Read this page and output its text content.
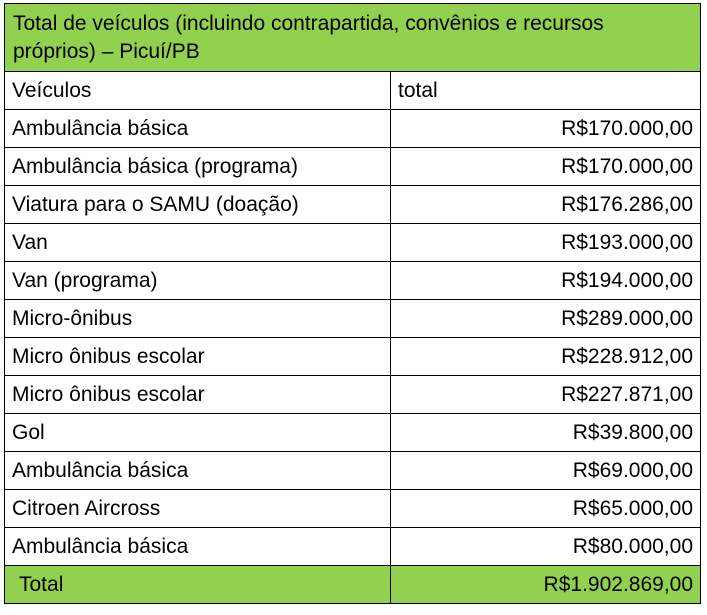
Total de veículos (incluindo contrapartida, convênios e recursos próprios) – Picuí/PB	
Veículos	total
Ambulância básica	R$170.000,00
Ambulância básica (programa)	R$170.000,00
Viatura para o SAMU (doação)	R$176.286,00
Van	R$193.000,00
Van (programa)	R$194.000,00
Micro-ônibus	R$289.000,00
Micro ônibus escolar	R$228.912,00
Micro ônibus escolar	R$227.871,00
Gol	R$39.800,00
Ambulância básica	R$69.000,00
Citroen Aircross	R$65.000,00
Ambulância básica	R$80.000,00
Total	R$1.902.869,00
